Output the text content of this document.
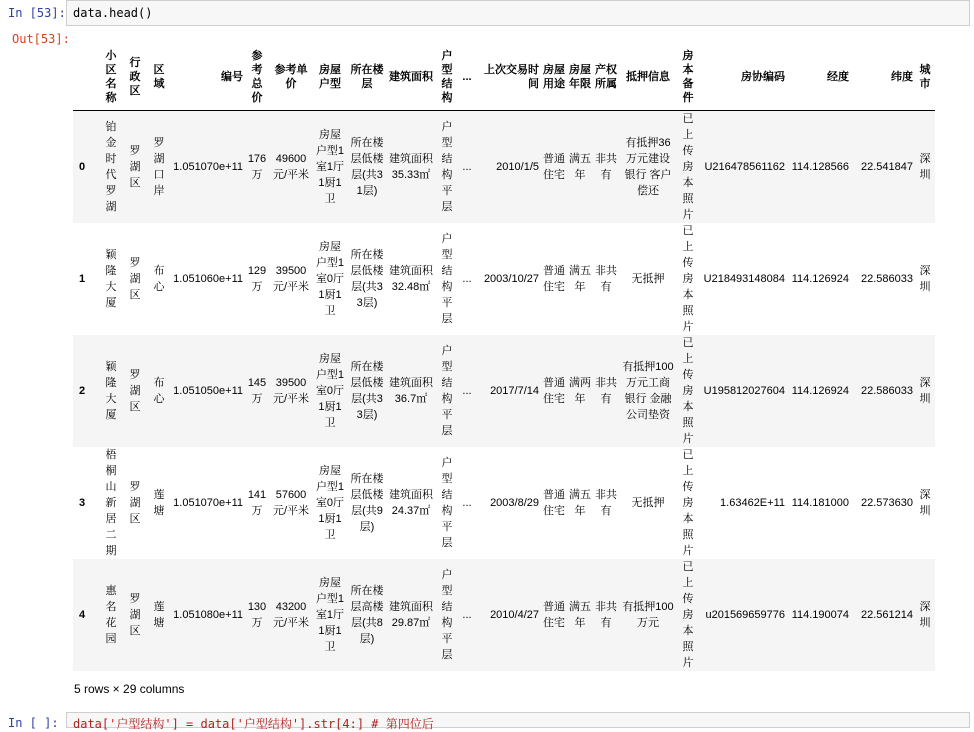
In [53]: data.head()
Out[53]:
	小区名称	行政区	区域	编号	参考总价	参考单价	房屋户型	所在楼层	建筑面积	户型结构	...	上次交易时间	房屋用途	房屋年限	产权所属	抵押信息	房本备件	房协编码	经度	纬度	城市
0	铂金时代罗湖	罗湖区	罗湖口岸	1.051070e+11	176万	49600元/平米	房屋户型1室1厅1厨1卫	所在楼层低楼层(共31层)	建筑面积35.33㎡	户型结构平层	...	2010/1/5	普通住宅	满五年	非共有	有抵押36万元建设银行 客户偿还	已上传房本照片	U216478561162	114.128566	22.541847	深圳
1	颖隆大厦	罗湖区	布心	1.051060e+11	129万	39500元/平米	房屋户型1室0厅1厨1卫	所在楼层低楼层(共33层)	建筑面积32.48㎡	户型结构平层	...	2003/10/27	普通住宅	满五年	非共有	无抵押	已上传房本照片	U218493148084	114.126924	22.586033	深圳
2	颖隆大厦	罗湖区	布心	1.051050e+11	145万	39500元/平米	房屋户型1室0厅1厨1卫	所在楼层低楼层(共33层)	建筑面积36.7㎡	户型结构平层	...	2017/7/14	普通住宅	满两年	非共有	有抵押100万元工商银行 金融公司垫资	已上传房本照片	U195812027604	114.126924	22.586033	深圳
3	梧桐山新居二期	罗湖区	莲塘	1.051070e+11	141万	57600元/平米	房屋户型1室0厅1厨1卫	所在楼层低楼层(共9层)	建筑面积24.37㎡	户型结构平层	...	2003/8/29	普通住宅	满五年	非共有	无抵押	已上传房本照片	1.63462E+11	114.181000	22.573630	深圳
4	惠名花园	罗湖区	莲塘	1.051080e+11	130万	43200元/平米	房屋户型1室1厅1厨1卫	所在楼层高楼层(共8层)	建筑面积29.87㎡	户型结构平层	...	2010/4/27	普通住宅	满五年	非共有	有抵押100万元	已上传房本照片	u201569659776	114.190074	22.561214	深圳
5 rows × 29 columns
In [ ]: data['户型结构'] = data['户型结构'].str[4:] # 第四位后
